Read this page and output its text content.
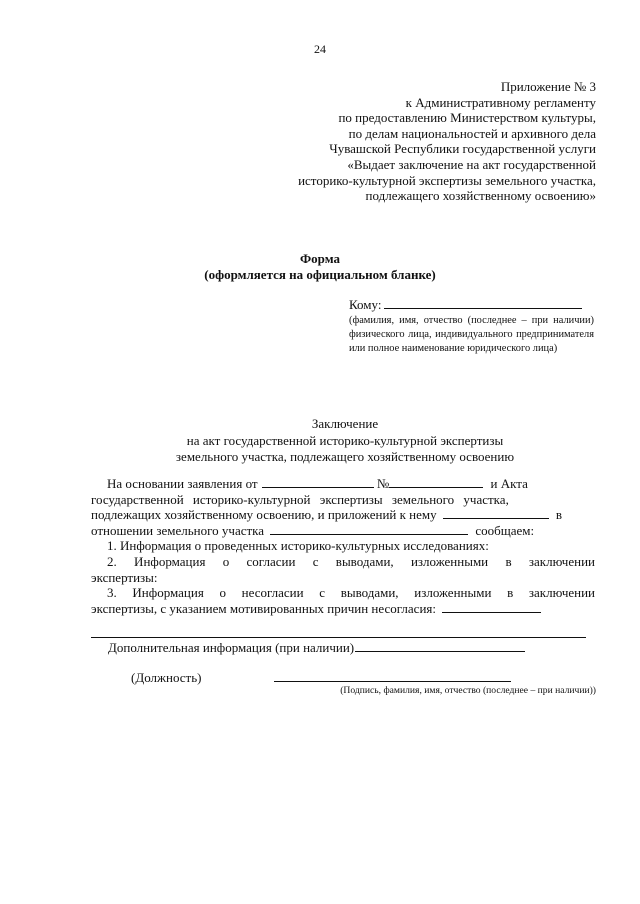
24
Приложение № 3
к Административному регламенту
по предоставлению Министерством культуры,
по делам национальностей и архивного дела
Чувашской Республики государственной услуги
«Выдает заключение на акт государственной
историко-культурной экспертизы земельного участка,
подлежащего хозяйственному освоению»
Форма
(оформляется на официальном бланке)
Кому:
(фамилия, имя, отчество (последнее – при наличии) физического лица, индивидуального предпринимателя или полное наименование юридического лица)
Заключение
на акт государственной историко-культурной экспертизы
земельного участка, подлежащего хозяйственному освоению
На основании заявления от	№	и Акта
государственной историко-культурной экспертизы земельного участка,
подлежащих хозяйственному освоению, и приложений к нему	в
отношении земельного участка	сообщаем:
1. Информация о проведенных историко-культурных исследованиях:
2. Информация о согласии с выводами, изложенными в заключении
экспертизы:
3. Информация о несогласии с выводами, изложенными в заключении
экспертизы, с указанием мотивированных причин несогласия:
Дополнительная информация (при наличии)
(Должность)
(Подпись, фамилия, имя, отчество (последнее – при наличии))
